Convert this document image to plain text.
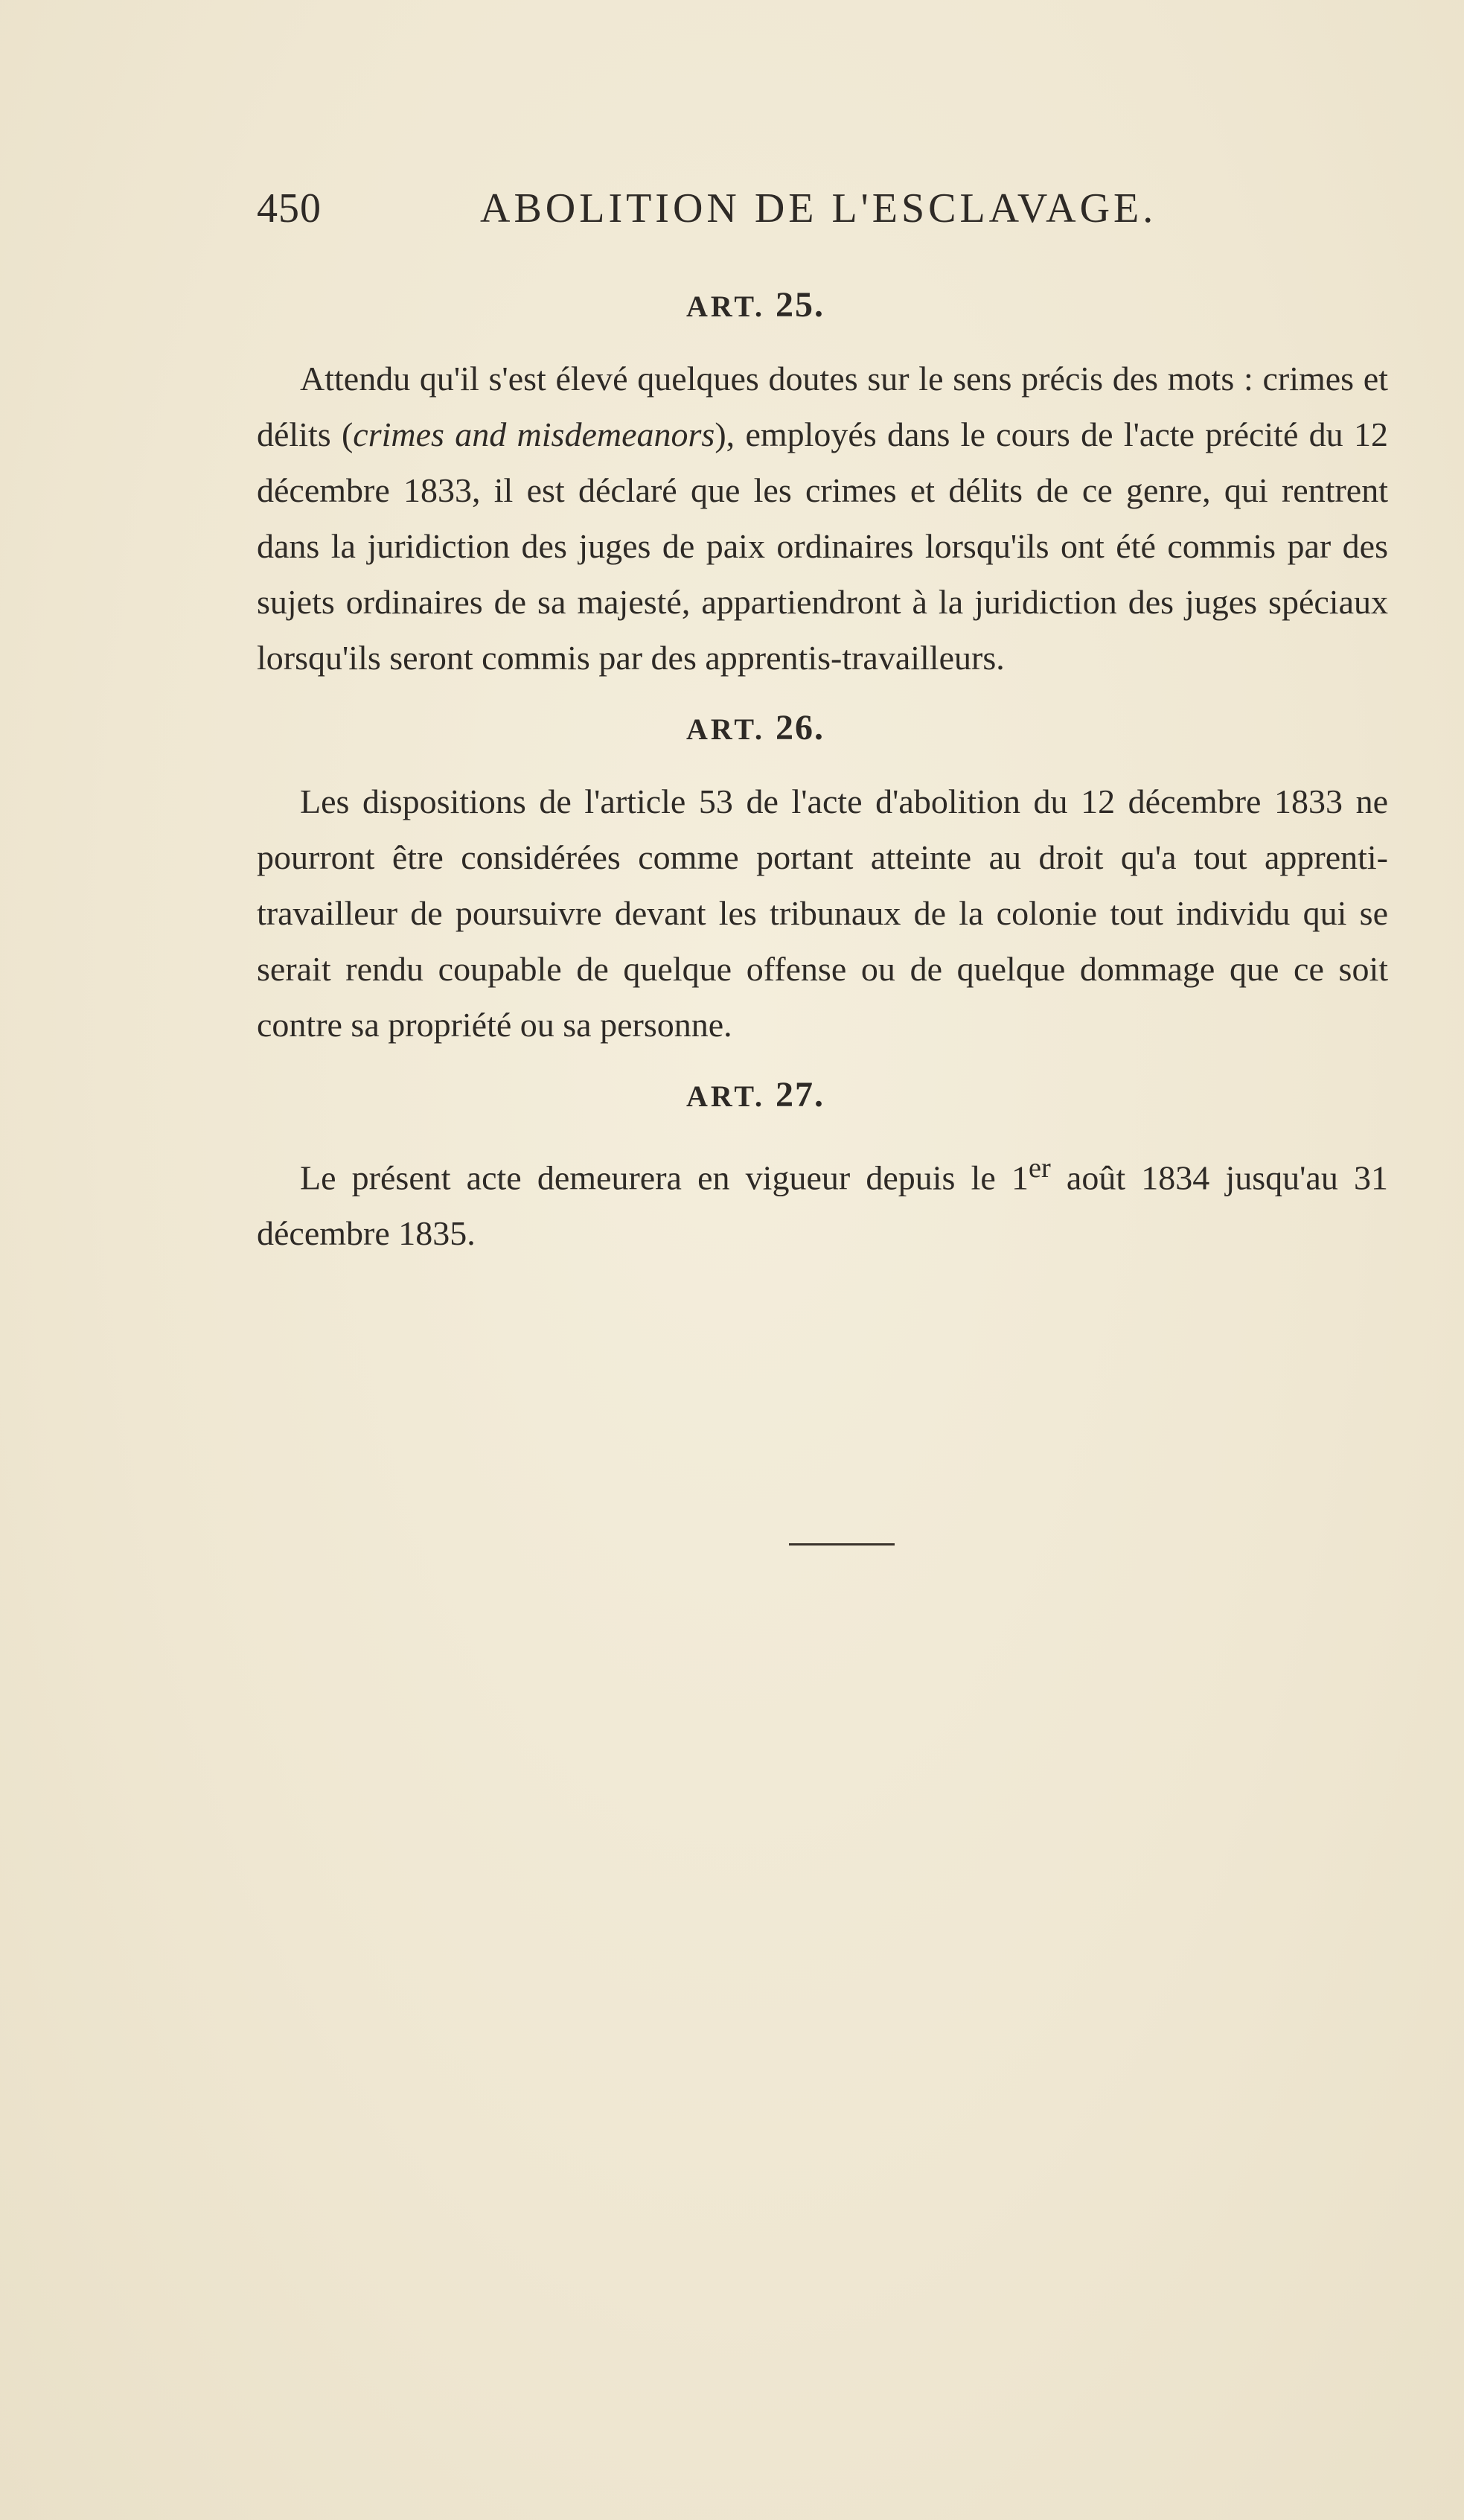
450	ABOLITION DE L'ESCLAVAGE.
ART. 25.

Attendu qu'il s'est élevé quelques doutes sur le sens précis des mots : crimes et délits (crimes and misdemeanors), employés dans le cours de l'acte précité du 12 décembre 1833, il est déclaré que les crimes et délits de ce genre, qui rentrent dans la juridiction des juges de paix ordinaires lorsqu'ils ont été commis par des sujets ordinaires de sa majesté, appartiendront à la juridiction des juges spéciaux lorsqu'ils seront commis par des apprentis-travailleurs.

ART. 26.

Les dispositions de l'article 53 de l'acte d'abolition du 12 décembre 1833 ne pourront être considérées comme portant atteinte au droit qu'a tout apprenti-travailleur de poursuivre devant les tribunaux de la colonie tout individu qui se serait rendu coupable de quelque offense ou de quelque dommage que ce soit contre sa propriété ou sa personne.

ART. 27.

Le présent acte demeurera en vigueur depuis le 1er août 1834 jusqu'au 31 décembre 1835.
